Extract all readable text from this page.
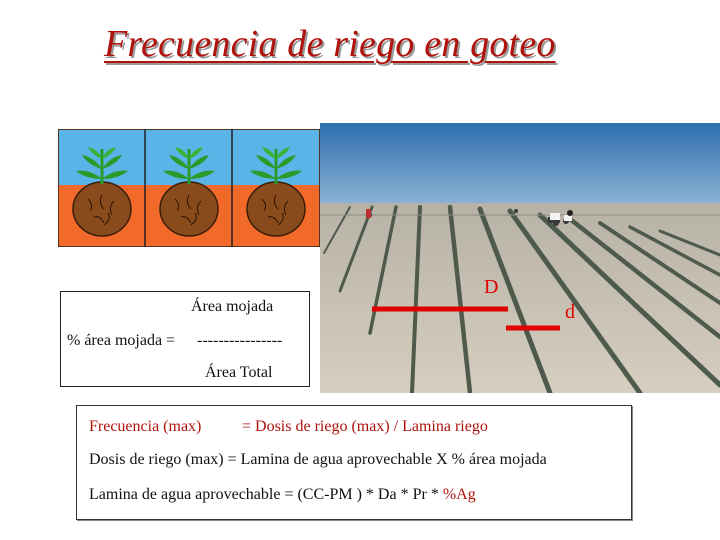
Frecuencia de riego en goteo
Área mojada
% área mojada = ----------------
Área Total
D
d
Frecuencia (max)	= Dosis de riego (max) / Lamina riego
Dosis de riego (max) = Lamina de agua aprovechable X % área mojada
Lamina de agua aprovechable = (CC-PM ) * Da * Pr * %Ag
